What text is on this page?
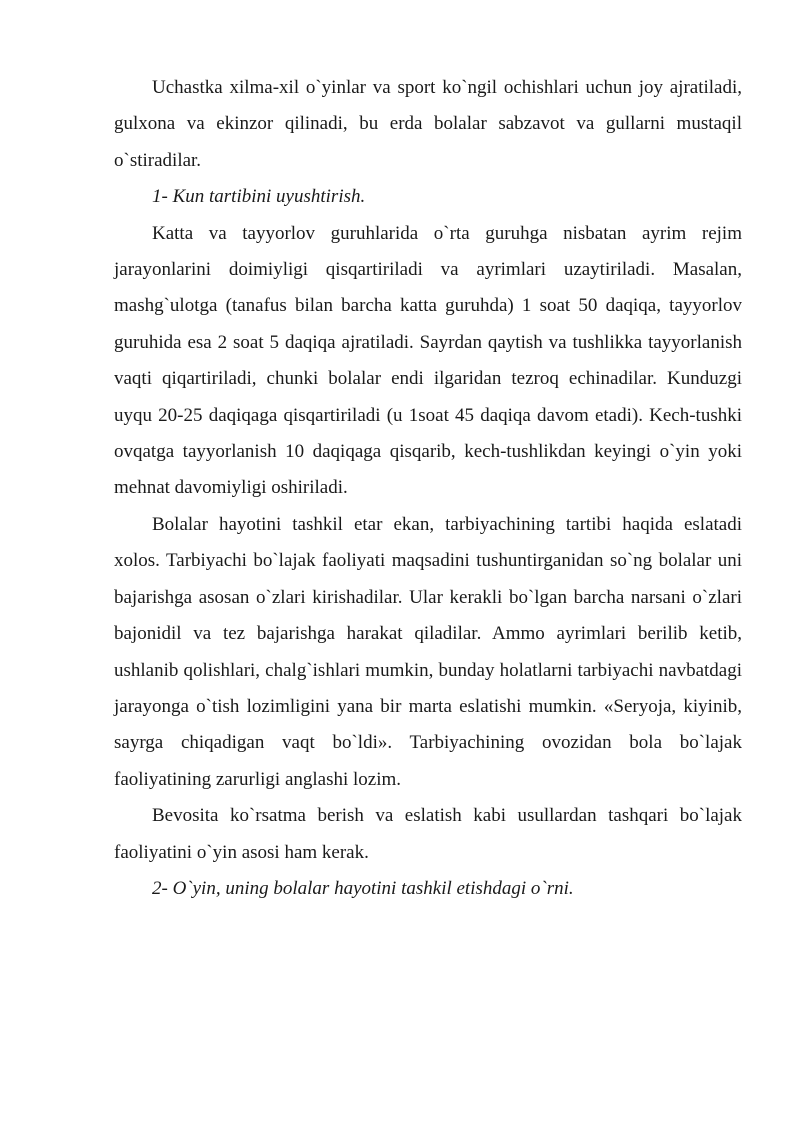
Uchastka xilma-xil o`yinlar va sport ko`ngil ochishlari uchun joy ajratiladi, gulxona va ekinzor qilinadi, bu erda bolalar sabzavot va gullarni mustaqil o`stiradilar.

1- Kun tartibini uyushtirish.

Katta va tayyorlov guruhlarida o`rta guruhga nisbatan ayrim rejim jarayonlarini doimiyligi qisqartiriladi va ayrimlari uzaytiriladi. Masalan, mashg`ulotga (tanafus bilan barcha katta guruhda) 1 soat 50 daqiqa, tayyorlov guruhida esa 2 soat 5 daqiqa ajratiladi. Sayrdan qaytish va tushlikka tayyorlanish vaqti qiqartiriladi, chunki bolalar endi ilgaridan tezroq echinadilar. Kunduzgi uyqu 20-25 daqiqaga qisqartiriladi (u 1soat 45 daqiqa davom etadi). Kech-tushki ovqatga tayyorlanish 10 daqiqaga qisqarib, kech-tushlikdan keyingi o`yin yoki mehnat davomiyligi oshiriladi.

Bolalar hayotini tashkil etar ekan, tarbiyachining tartibi haqida eslatadi xolos. Tarbiyachi bo`lajak faoliyati maqsadini tushuntirganidan so`ng bolalar uni bajarishga asosan o`zlari kirishadilar. Ular kerakli bo`lgan barcha narsani o`zlari bajonidil va tez bajarishga harakat qiladilar. Ammo ayrimlari berilib ketib, ushlanib qolishlari, chalg`ishlari mumkin, bunday holatlarni tarbiyachi navbatdagi jarayonga o`tish lozimligini yana bir marta eslatishi mumkin. «Seryoja, kiyinib, sayrga chiqadigan vaqt bo`ldi». Tarbiyachining ovozidan bola bo`lajak faoliyatining zarurligi anglashi lozim.

Bevosita ko`rsatma berish va eslatish kabi usullardan tashqari bo`lajak faoliyatini o`yin asosi ham kerak.

2- O`yin, uning bolalar hayotini tashkil etishdagi o`rni.
